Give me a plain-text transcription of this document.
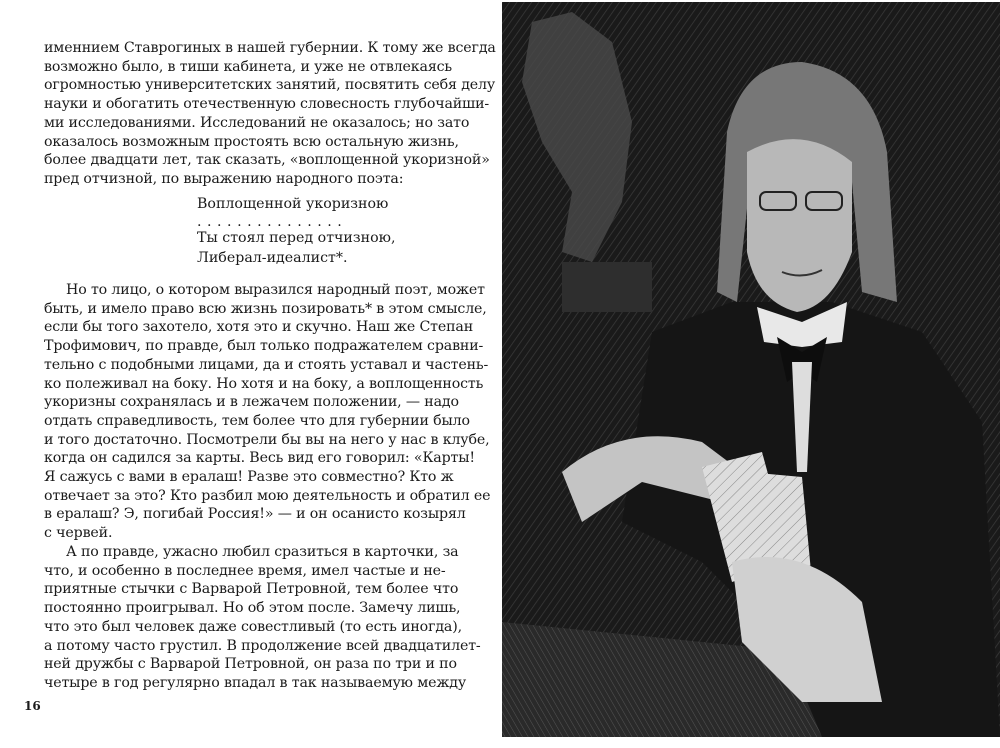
именнием Ставрогиных в нашей губернии. К тому же всегда
возможно было, в тиши кабинета, и уже не отвлекаясь
огромностью университетских занятий, посвятить себя делу
науки и обогатить отечественную словесность глубочайши-
ми исследованиями. Исследований не оказалось; но зато
оказалось возможным простоять всю остальную жизнь,
более двадцати лет, так сказать, «воплощенной укоризной»
пред отчизной, по выражению народного поэта:
Воплощенной укоризною
. . . . . . . . . . . . . . .
Ты стоял перед отчизною,
Либерал-идеалист*.
Но то лицо, о котором выразился народный поэт, может
быть, и имело право всю жизнь позировать* в этом смысле,
если бы того захотело, хотя это и скучно. Наш же Степан
Трофимович, по правде, был только подражателем сравни-
тельно с подобными лицами, да и стоять уставал и частень-
ко полеживал на боку. Но хотя и на боку, а воплощенность
укоризны сохранялась и в лежачем положении, — надо
отдать справедливость, тем более что для губернии было
и того достаточно. Посмотрели бы вы на него у нас в клубе,
когда он садился за карты. Весь вид его говорил: «Карты!
Я сажусь с вами в ералаш! Разве это совместно? Кто ж
отвечает за это? Кто разбил мою деятельность и обратил ее
в ералаш? Э, погибай Россия!» — и он осанисто козырял
с червей.
А по правде, ужасно любил сразиться в карточки, за
что, и особенно в последнее время, имел частые и не-
приятные стычки с Варварой Петровной, тем более что
постоянно проигрывал. Но об этом после. Замечу лишь,
что это был человек даже совестливый (то есть иногда),
а потому часто грустил. В продолжение всей двадцатилет-
ней дружбы с Варварой Петровной, он раза по три и по
четыре в год регулярно впадал в так называемую между
16
